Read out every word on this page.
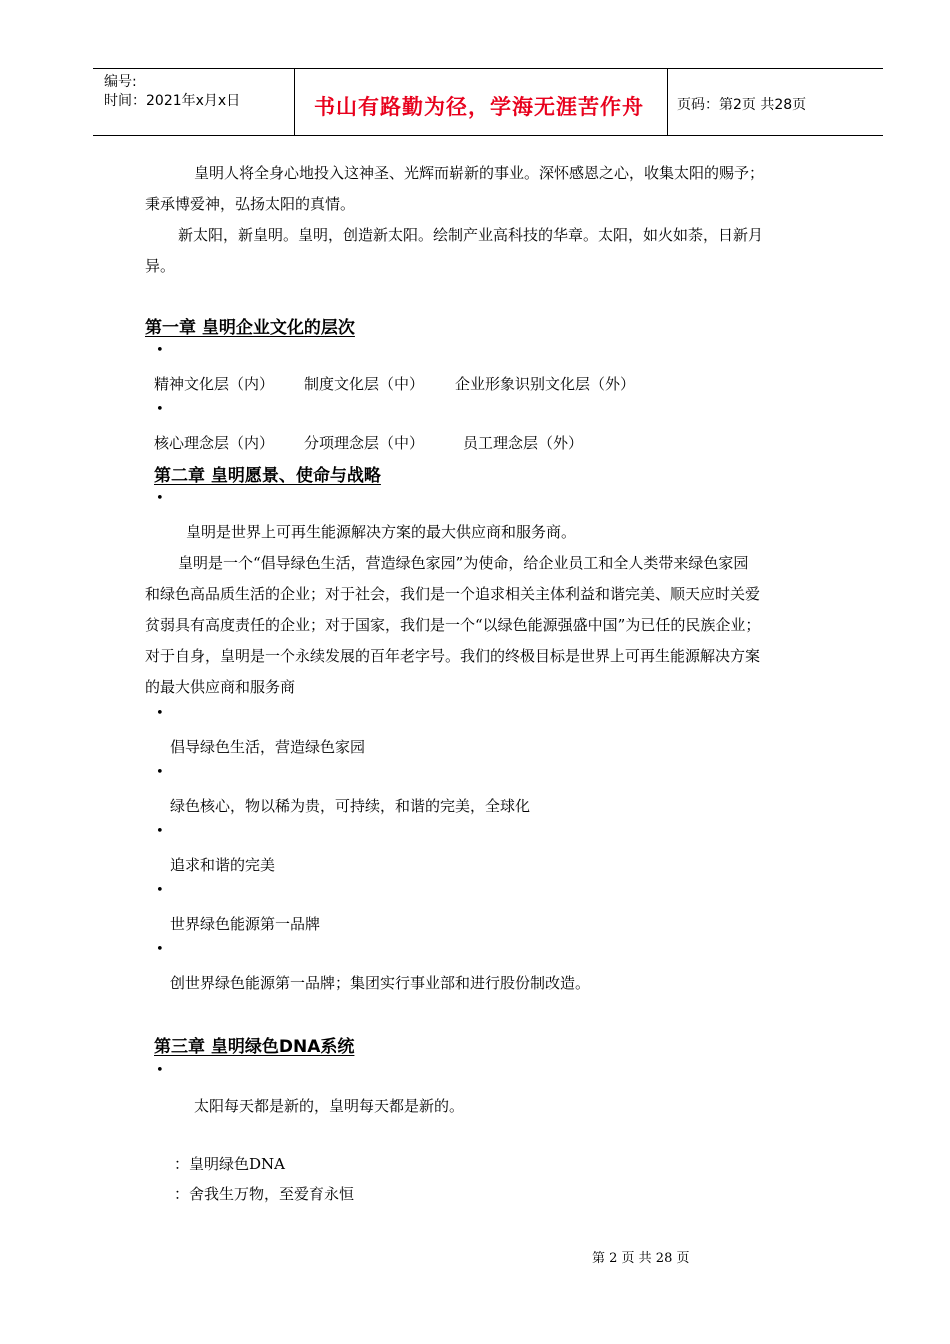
编号:
时间：2021年x月x日	书山有路勤为径，学海无涯苦作舟 页码：第2页 共28页
皇明人将全身心地投入这神圣、光辉而崭新的事业。深怀感恩之心，收集太阳的赐予；
秉承博爱神，弘扬太阳的真情。
新太阳，新皇明。皇明，创造新太阳。绘制产业高科技的华章。太阳，如火如荼，日新月
异。
第一章 皇明企业文化的层次
•
精神文化层（内） 制度文化层（中） 企业形象识别文化层（外）
•
核心理念层（内） 分项理念层（中）	员工理念层（外）
第二章 皇明愿景、使命与战略
•
皇明是世界上可再生能源解决方案的最大供应商和服务商。
皇明是一个“倡导绿色生活，营造绿色家园”为使命，给企业员工和全人类带来绿色家园
和绿色高品质生活的企业；对于社会，我们是一个追求相关主体利益和谐完美、顺天应时关爱
贫弱具有高度责任的企业；对于国家，我们是一个“以绿色能源强盛中国”为已任的民族企业；
对于自身，皇明是一个永续发展的百年老字号。我们的终极目标是世界上可再生能源解决方案
的最大供应商和服务商
•
倡导绿色生活，营造绿色家园
•
绿色核心，物以稀为贵，可持续，和谐的完美，全球化
•
追求和谐的完美
•
世界绿色能源第一品牌
•
创世界绿色能源第一品牌；集团实行事业部和进行股份制改造。
第三章 皇明绿色DNA系统
•
太阳每天都是新的，皇明每天都是新的。
：皇明绿色DNA
：舍我生万物，至爱育永恒
第 2 页 共 28 页
